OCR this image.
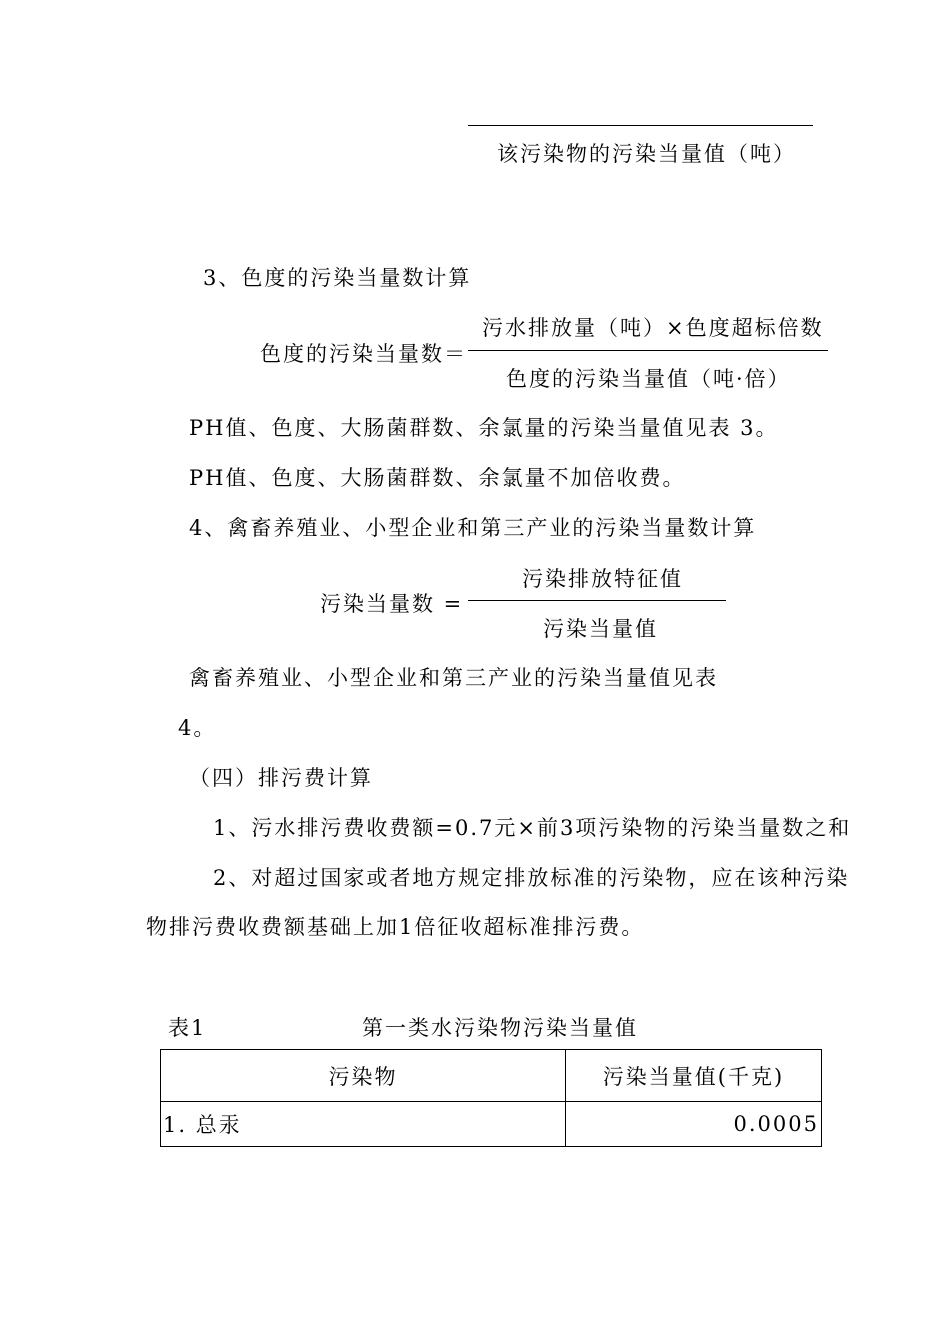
该污染物的污染当量值（吨）
3、色度的污染当量数计算
污水排放量（吨）×色度超标倍数
色度的污染当量数＝
色度的污染当量值（吨·倍）
PH值、色度、大肠菌群数、余氯量的污染当量值见表 3。
PH值、色度、大肠菌群数、余氯量不加倍收费。
4、禽畜养殖业、小型企业和第三产业的污染当量数计算
污染排放特征值
污染当量数 =
污染当量值
禽畜养殖业、小型企业和第三产业的污染当量值见表
4。
（四）排污费计算
1、污水排污费收费额=0.7元×前3项污染物的污染当量数之和
2、对超过国家或者地方规定排放标准的污染物，应在该种污染
物排污费收费额基础上加1倍征收超标准排污费。
表1	第一类水污染物污染当量值
污染物	污染当量值(千克)
1. 总汞	0.0005
